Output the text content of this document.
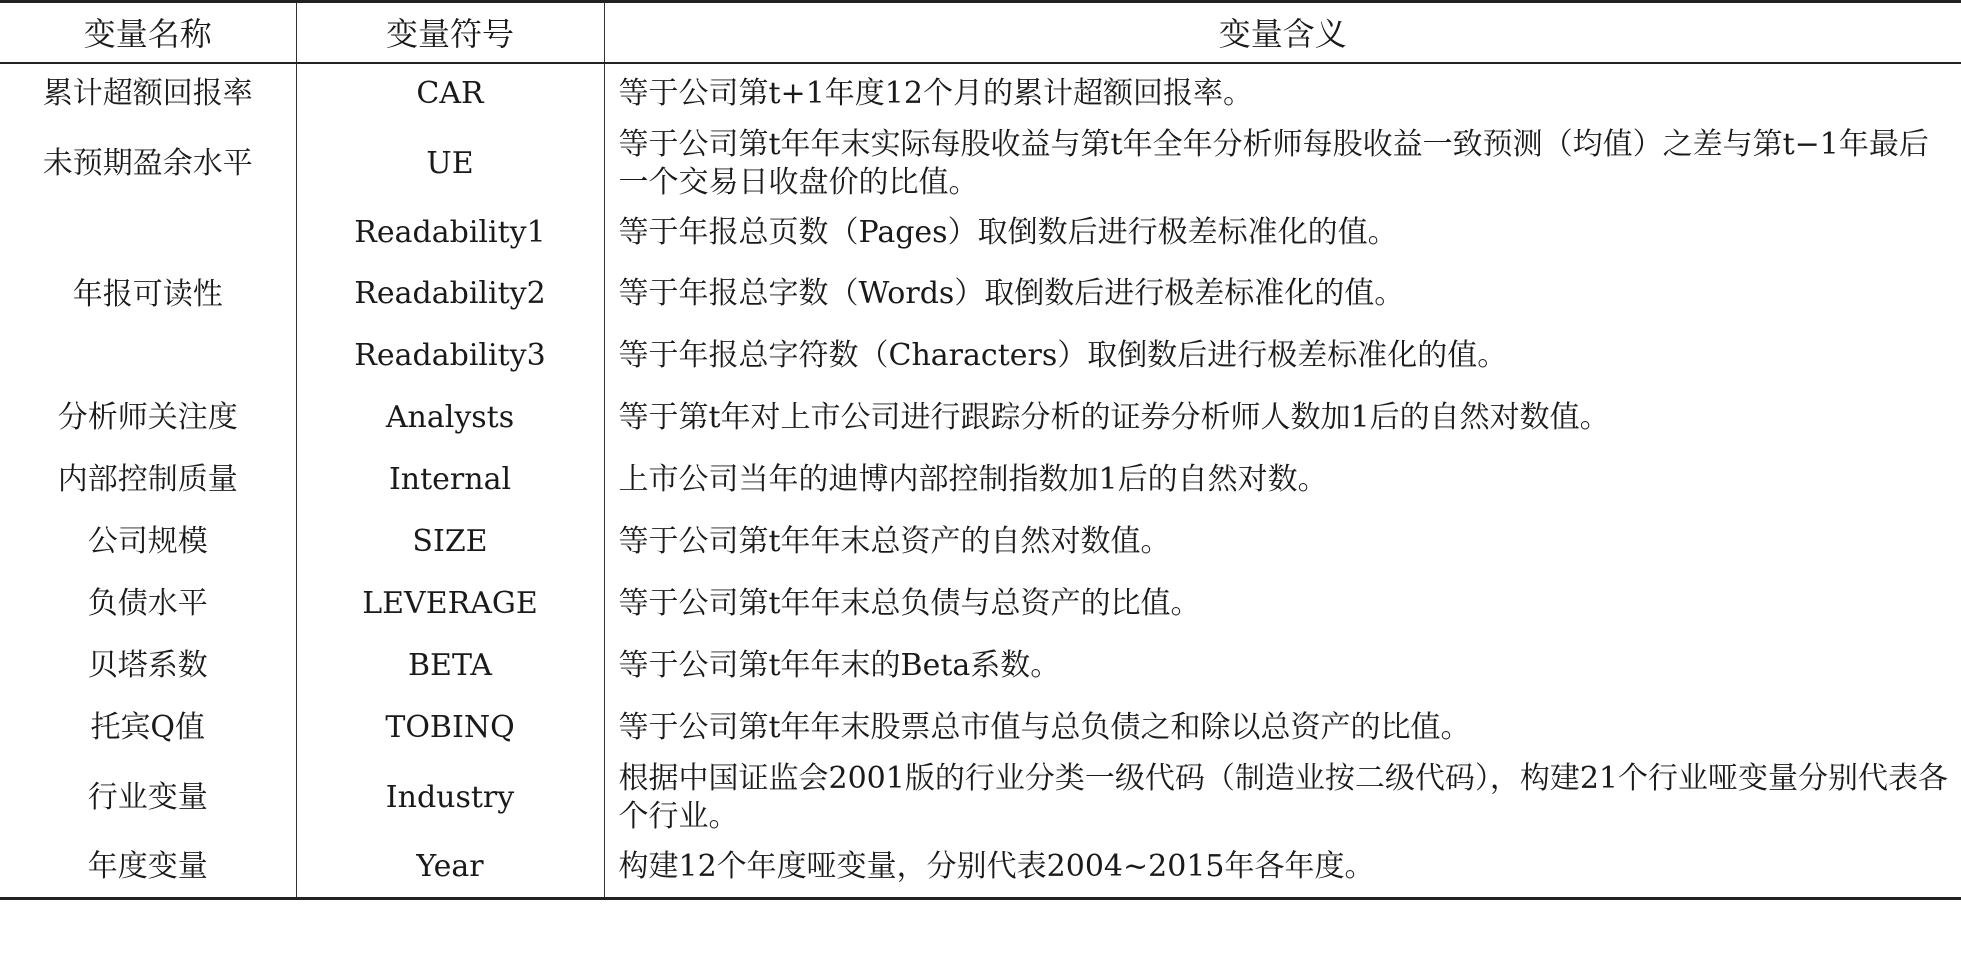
变量名称	变量符号	变量含义
累计超额回报率	CAR	等于公司第t+1年度12个月的累计超额回报率。
未预期盈余水平	UE	等于公司第t年年末实际每股收益与第t年全年分析师每股收益一致预测（均值）之差与第t−1年最后一个交易日收盘价的比值。
年报可读性	Readability1	等于年报总页数（Pages）取倒数后进行极差标准化的值。
	Readability2	等于年报总字数（Words）取倒数后进行极差标准化的值。
	Readability3	等于年报总字符数（Characters）取倒数后进行极差标准化的值。
分析师关注度	Analysts	等于第t年对上市公司进行跟踪分析的证券分析师人数加1后的自然对数值。
内部控制质量	Internal	上市公司当年的迪博内部控制指数加1后的自然对数。
公司规模	SIZE	等于公司第t年年末总资产的自然对数值。
负债水平	LEVERAGE	等于公司第t年年末总负债与总资产的比值。
贝塔系数	BETA	等于公司第t年年末的Beta系数。
托宾Q值	TOBINQ	等于公司第t年年末股票总市值与总负债之和除以总资产的比值。
行业变量	Industry	根据中国证监会2001版的行业分类一级代码（制造业按二级代码），构建21个行业哑变量分别代表各个行业。
年度变量	Year	构建12个年度哑变量，分别代表2004~2015年各年度。
